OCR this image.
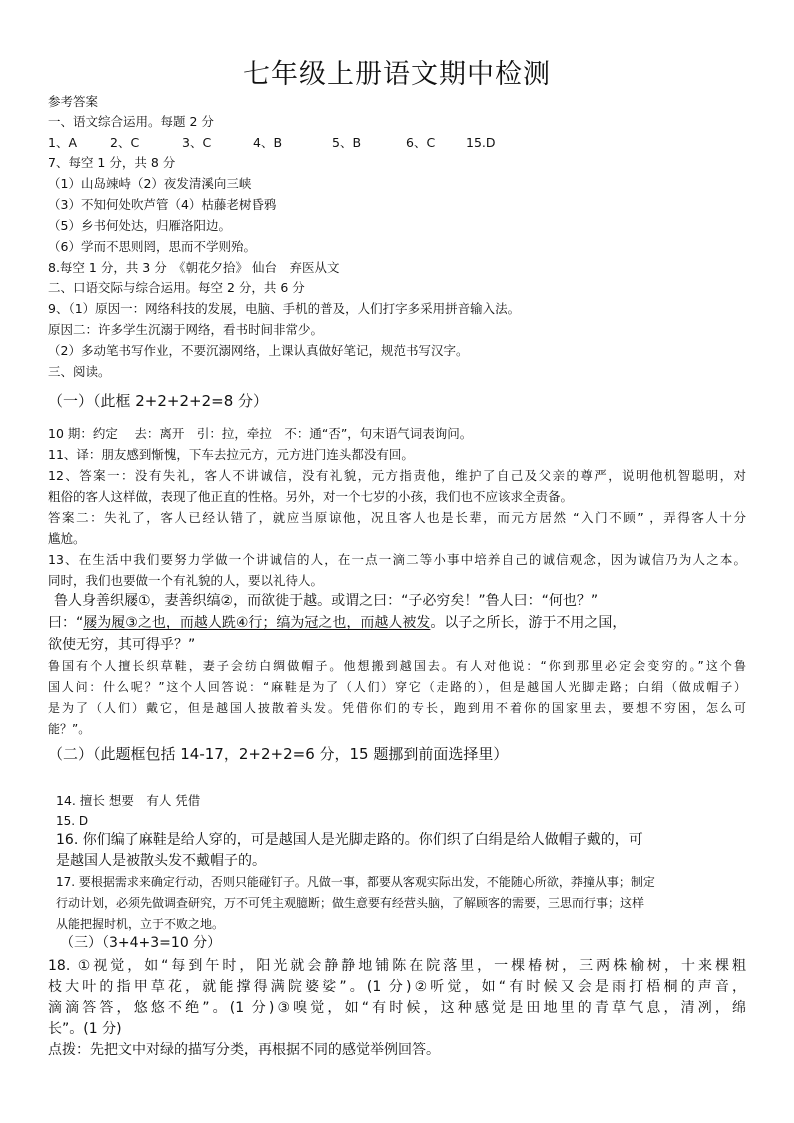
七年级上册语文期中检测
参考答案
一、语文综合运用。每题 2 分
1、A	2、C	3、C	4、B	5、B	6、C 15.D
7、每空 1 分，共 8 分
（1）山岛竦峙（2）夜发清溪向三峡
（3）不知何处吹芦管（4）枯藤老树昏鸦
（5）乡书何处达，归雁洛阳边。
（6）学而不思则罔，思而不学则殆。
8.每空 1 分，共 3 分　《朝花夕拾》 仙台　弃医从文
二、口语交际与综合运用。每空 2 分，共 6 分
9、（1）原因一：网络科技的发展，电脑、手机的普及，人们打字多采用拼音输入法。
原因二：许多学生沉溺于网络，看书时间非常少。
（2）多动笔书写作业，不要沉溺网络，上课认真做好笔记，规范书写汉字。
三、阅读。
（一）（此框 2+2+2+2=8 分）
10 期：约定　 去：离开　引：拉，牵拉　不：通“否”，句末语气词表询问。
11、译：朋友感到惭愧，下车去拉元方，元方进门连头都没有回。
12、答案一：没有失礼，客人不讲诚信，没有礼貌，元方指责他，维护了自己及父亲的尊严，说明他机智聪明，对
粗俗的客人这样做，表现了他正直的性格。另外，对一个七岁的小孩，我们也不应该求全责备。
答案二：失礼了，客人已经认错了，就应当原谅他，况且客人也是长辈，而元方居然 “入门不顾” ，弄得客人十分
尴尬。
13、在生活中我们要努力学做一个讲诚信的人，在一点一滴二等小事中培养自己的诚信观念，因为诚信乃为人之本。
同时，我们也要做一个有礼貌的人，要以礼待人。
鲁人身善织屦①，妻善织缟②，而欲徙于越。或谓之曰：“子必穷矣！”鲁人曰：“何也？”
曰：“屦为履③之也，而越人跣④行；缟为冠之也，而越人被发。以子之所长，游于不用之国，
欲使无穷，其可得乎？”
鲁国有个人擅长织草鞋，妻子会纺白绸做帽子。他想搬到越国去。有人对他说：“你到那里必定会变穷的。”这个鲁
国人问：什么呢？”这个人回答说：“麻鞋是为了（人们）穿它（走路的），但是越国人光脚走路；白绢（做成帽子）
是为了（人们）戴它，但是越国人披散着头发。凭借你们的专长，跑到用不着你的国家里去，要想不穷困，怎么可
能？”。
（二）（此题框包括 14-17，2+2+2=6 分，15 题挪到前面选择里）
14. 擅长 想要　有人 凭借
15. D
16. 你们编了麻鞋是给人穿的，可是越国人是光脚走路的。你们织了白绢是给人做帽子戴的，可
是越国人是被散头发不戴帽子的。
17. 要根据需求来确定行动，否则只能碰钉子。凡做一事，都要从客观实际出发，不能随心所欲，莽撞从事；制定
行动计划，必须先做调查研究，万不可凭主观臆断；做生意要有经营头脑，了解顾客的需要，三思而行事；这样
从能把握时机，立于不败之地。
（三）（3+4+3=10 分）
18. ①视觉，如“每到午时，阳光就会静静地铺陈在院落里，一棵椿树，三两株榆树，十来棵粗
枝大叶的指甲草花，就能撑得满院婆娑”。(1 分)②听觉，如“有时候又会是雨打梧桐的声音，
滴滴答答，悠悠不绝”。(1 分)③嗅觉，如“有时候，这种感觉是田地里的青草气息，清冽，绵
长”。(1 分)
点拨：先把文中对绿的描写分类，再根据不同的感觉举例回答。
